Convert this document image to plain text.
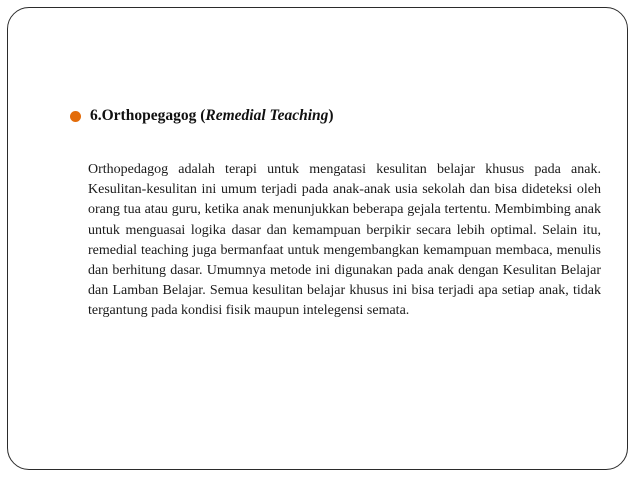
6.Orthopegagog (Remedial Teaching)
Orthopedagog adalah terapi untuk mengatasi kesulitan belajar khusus pada anak. Kesulitan-kesulitan ini umum terjadi pada anak-anak usia sekolah dan bisa dideteksi oleh orang tua atau guru, ketika anak menunjukkan beberapa gejala tertentu. Membimbing anak untuk menguasai logika dasar dan kemampuan berpikir secara lebih optimal. Selain itu, remedial teaching juga bermanfaat untuk mengembangkan kemampuan membaca, menulis dan berhitung dasar. Umumnya metode ini digunakan pada anak dengan Kesulitan Belajar dan Lamban Belajar. Semua kesulitan belajar khusus ini bisa terjadi apa setiap anak, tidak tergantung pada kondisi fisik maupun intelegensi semata.
